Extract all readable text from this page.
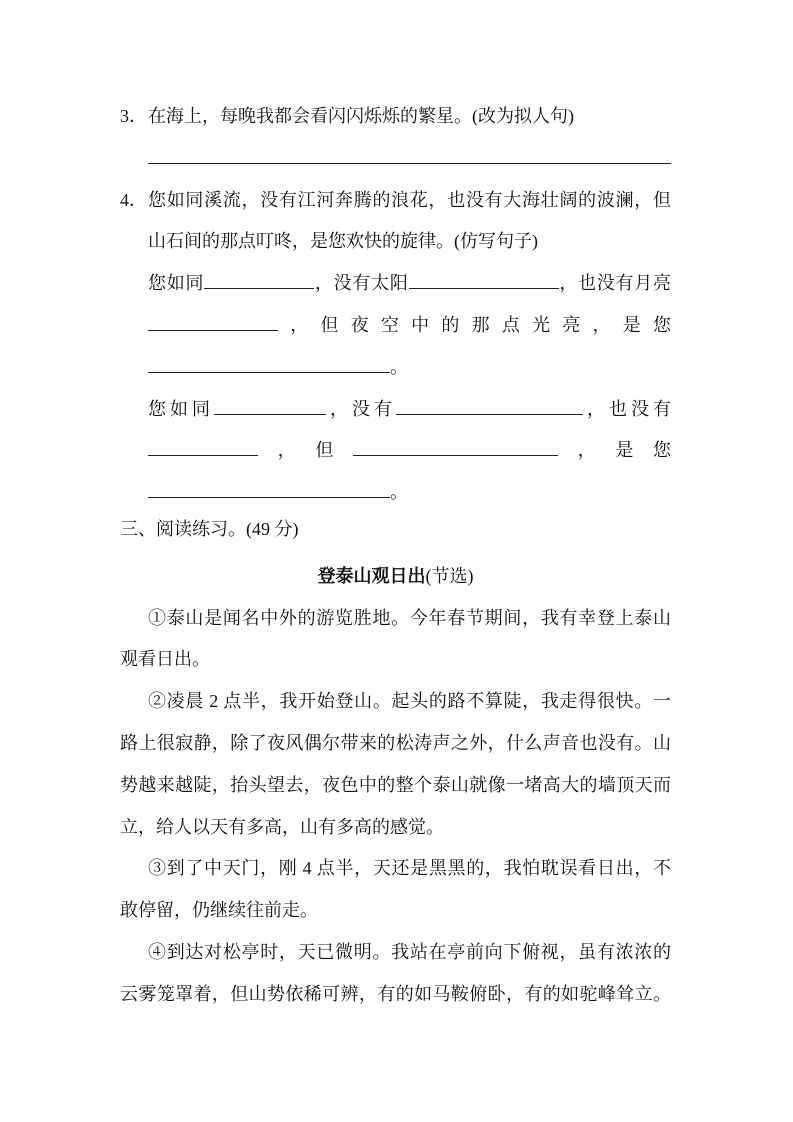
3． 在海上，每晚我都会看闪闪烁烁的繁星。(改为拟人句)
4． 您如同溪流，没有江河奔腾的浪花，也没有大海壮阔的波澜，但
山石间的那点叮咚，是您欢快的旋律。(仿写句子)
您如同	，没有太阳	，也没有月亮
，但夜空中的那点光亮，是您
。
您如同	，没有	，也没有
，但	，是您
。
三、阅读练习。(49 分)
登泰山观日出(节选)
①泰山是闻名中外的游览胜地。今年春节期间，我有幸登上泰山
观看日出。
②凌晨 2 点半，我开始登山。起头的路不算陡，我走得很快。一
路上很寂静，除了夜风偶尔带来的松涛声之外，什么声音也没有。山
势越来越陡，抬头望去，夜色中的整个泰山就像一堵高大的墙顶天而
立，给人以天有多高，山有多高的感觉。
③到了中天门，刚 4 点半，天还是黑黑的，我怕耽误看日出，不
敢停留，仍继续往前走。
④到达对松亭时，天已微明。我站在亭前向下俯视，虽有浓浓的
云雾笼罩着，但山势依稀可辨，有的如马鞍俯卧，有的如驼峰耸立。
